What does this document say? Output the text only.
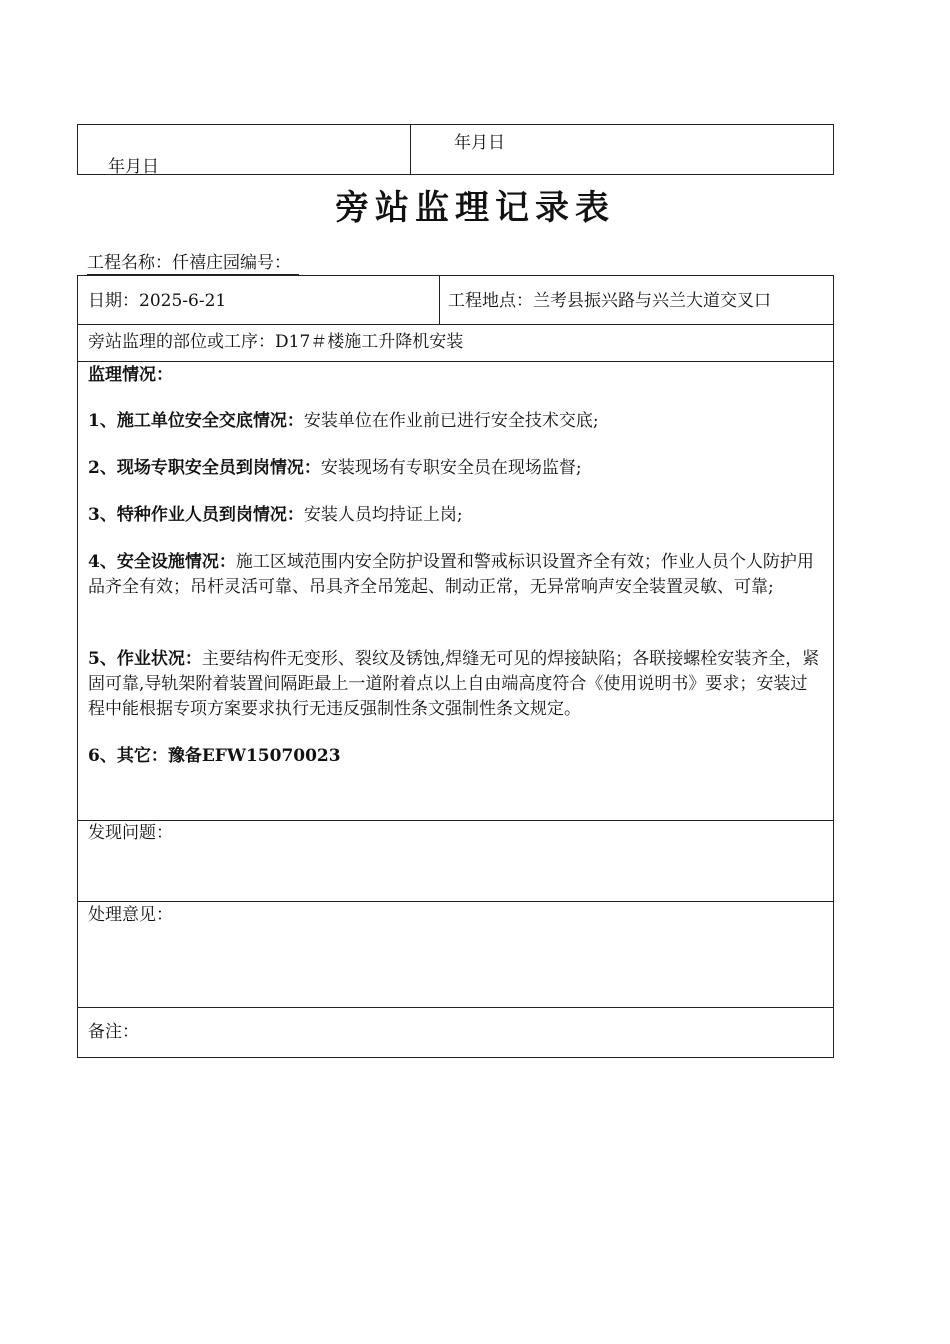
年月日
年月日
旁站监理记录表
工程名称：仟禧庄园编号：
日期：2025-6-21	工程地点：兰考县振兴路与兴兰大道交叉口
旁站监理的部位或工序：D17＃楼施工升降机安装
监理情况：
1、施工单位安全交底情况：安装单位在作业前已进行安全技术交底;
2、现场专职安全员到岗情况：安装现场有专职安全员在现场监督;
3、特种作业人员到岗情况：安装人员均持证上岗;
4、安全设施情况：施工区域范围内安全防护设置和警戒标识设置齐全有效；作业人员个人防护用品齐全有效；吊杆灵活可靠、吊具齐全吊笼起、制动正常，无异常响声安全装置灵敏、可靠;
5、作业状况：主要结构件无变形、裂纹及锈蚀,焊缝无可见的焊接缺陷；各联接螺栓安装齐全，紧固可靠,导轨架附着装置间隔距最上一道附着点以上自由端高度符合《使用说明书》要求；安装过程中能根据专项方案要求执行无违反强制性条文强制性条文规定。
6、其它：豫备EFW15070023
发现问题：
处理意见：
备注：
